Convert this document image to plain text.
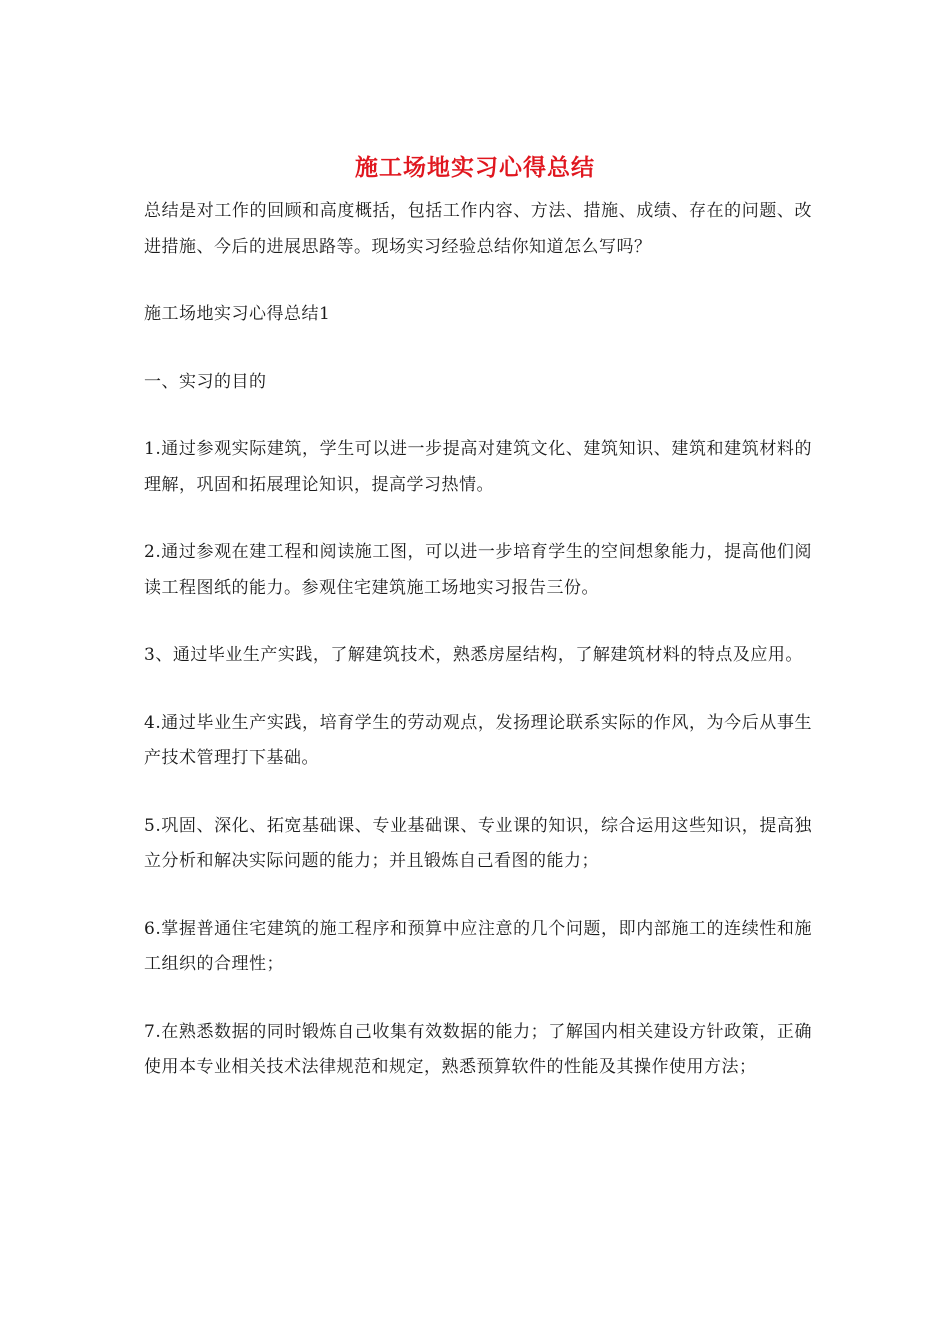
施工场地实习心得总结

总结是对工作的回顾和高度概括，包括工作内容、方法、措施、成绩、存在的问题、改进措施、今后的进展思路等。现场实习经验总结你知道怎么写吗？

施工场地实习心得总结1

一、实习的目的

1.通过参观实际建筑，学生可以进一步提高对建筑文化、建筑知识、建筑和建筑材料的理解，巩固和拓展理论知识，提高学习热情。

2.通过参观在建工程和阅读施工图，可以进一步培育学生的空间想象能力，提高他们阅读工程图纸的能力。参观住宅建筑施工场地实习报告三份。

3、通过毕业生产实践，了解建筑技术，熟悉房屋结构，了解建筑材料的特点及应用。

4.通过毕业生产实践，培育学生的劳动观点，发扬理论联系实际的作风，为今后从事生产技术管理打下基础。

5.巩固、深化、拓宽基础课、专业基础课、专业课的知识，综合运用这些知识，提高独立分析和解决实际问题的能力；并且锻炼自己看图的能力；

6.掌握普通住宅建筑的施工程序和预算中应注意的几个问题，即内部施工的连续性和施工组织的合理性；

7.在熟悉数据的同时锻炼自己收集有效数据的能力；了解国内相关建设方针政策，正确使用本专业相关技术法律规范和规定，熟悉预算软件的性能及其操作使用方法；
